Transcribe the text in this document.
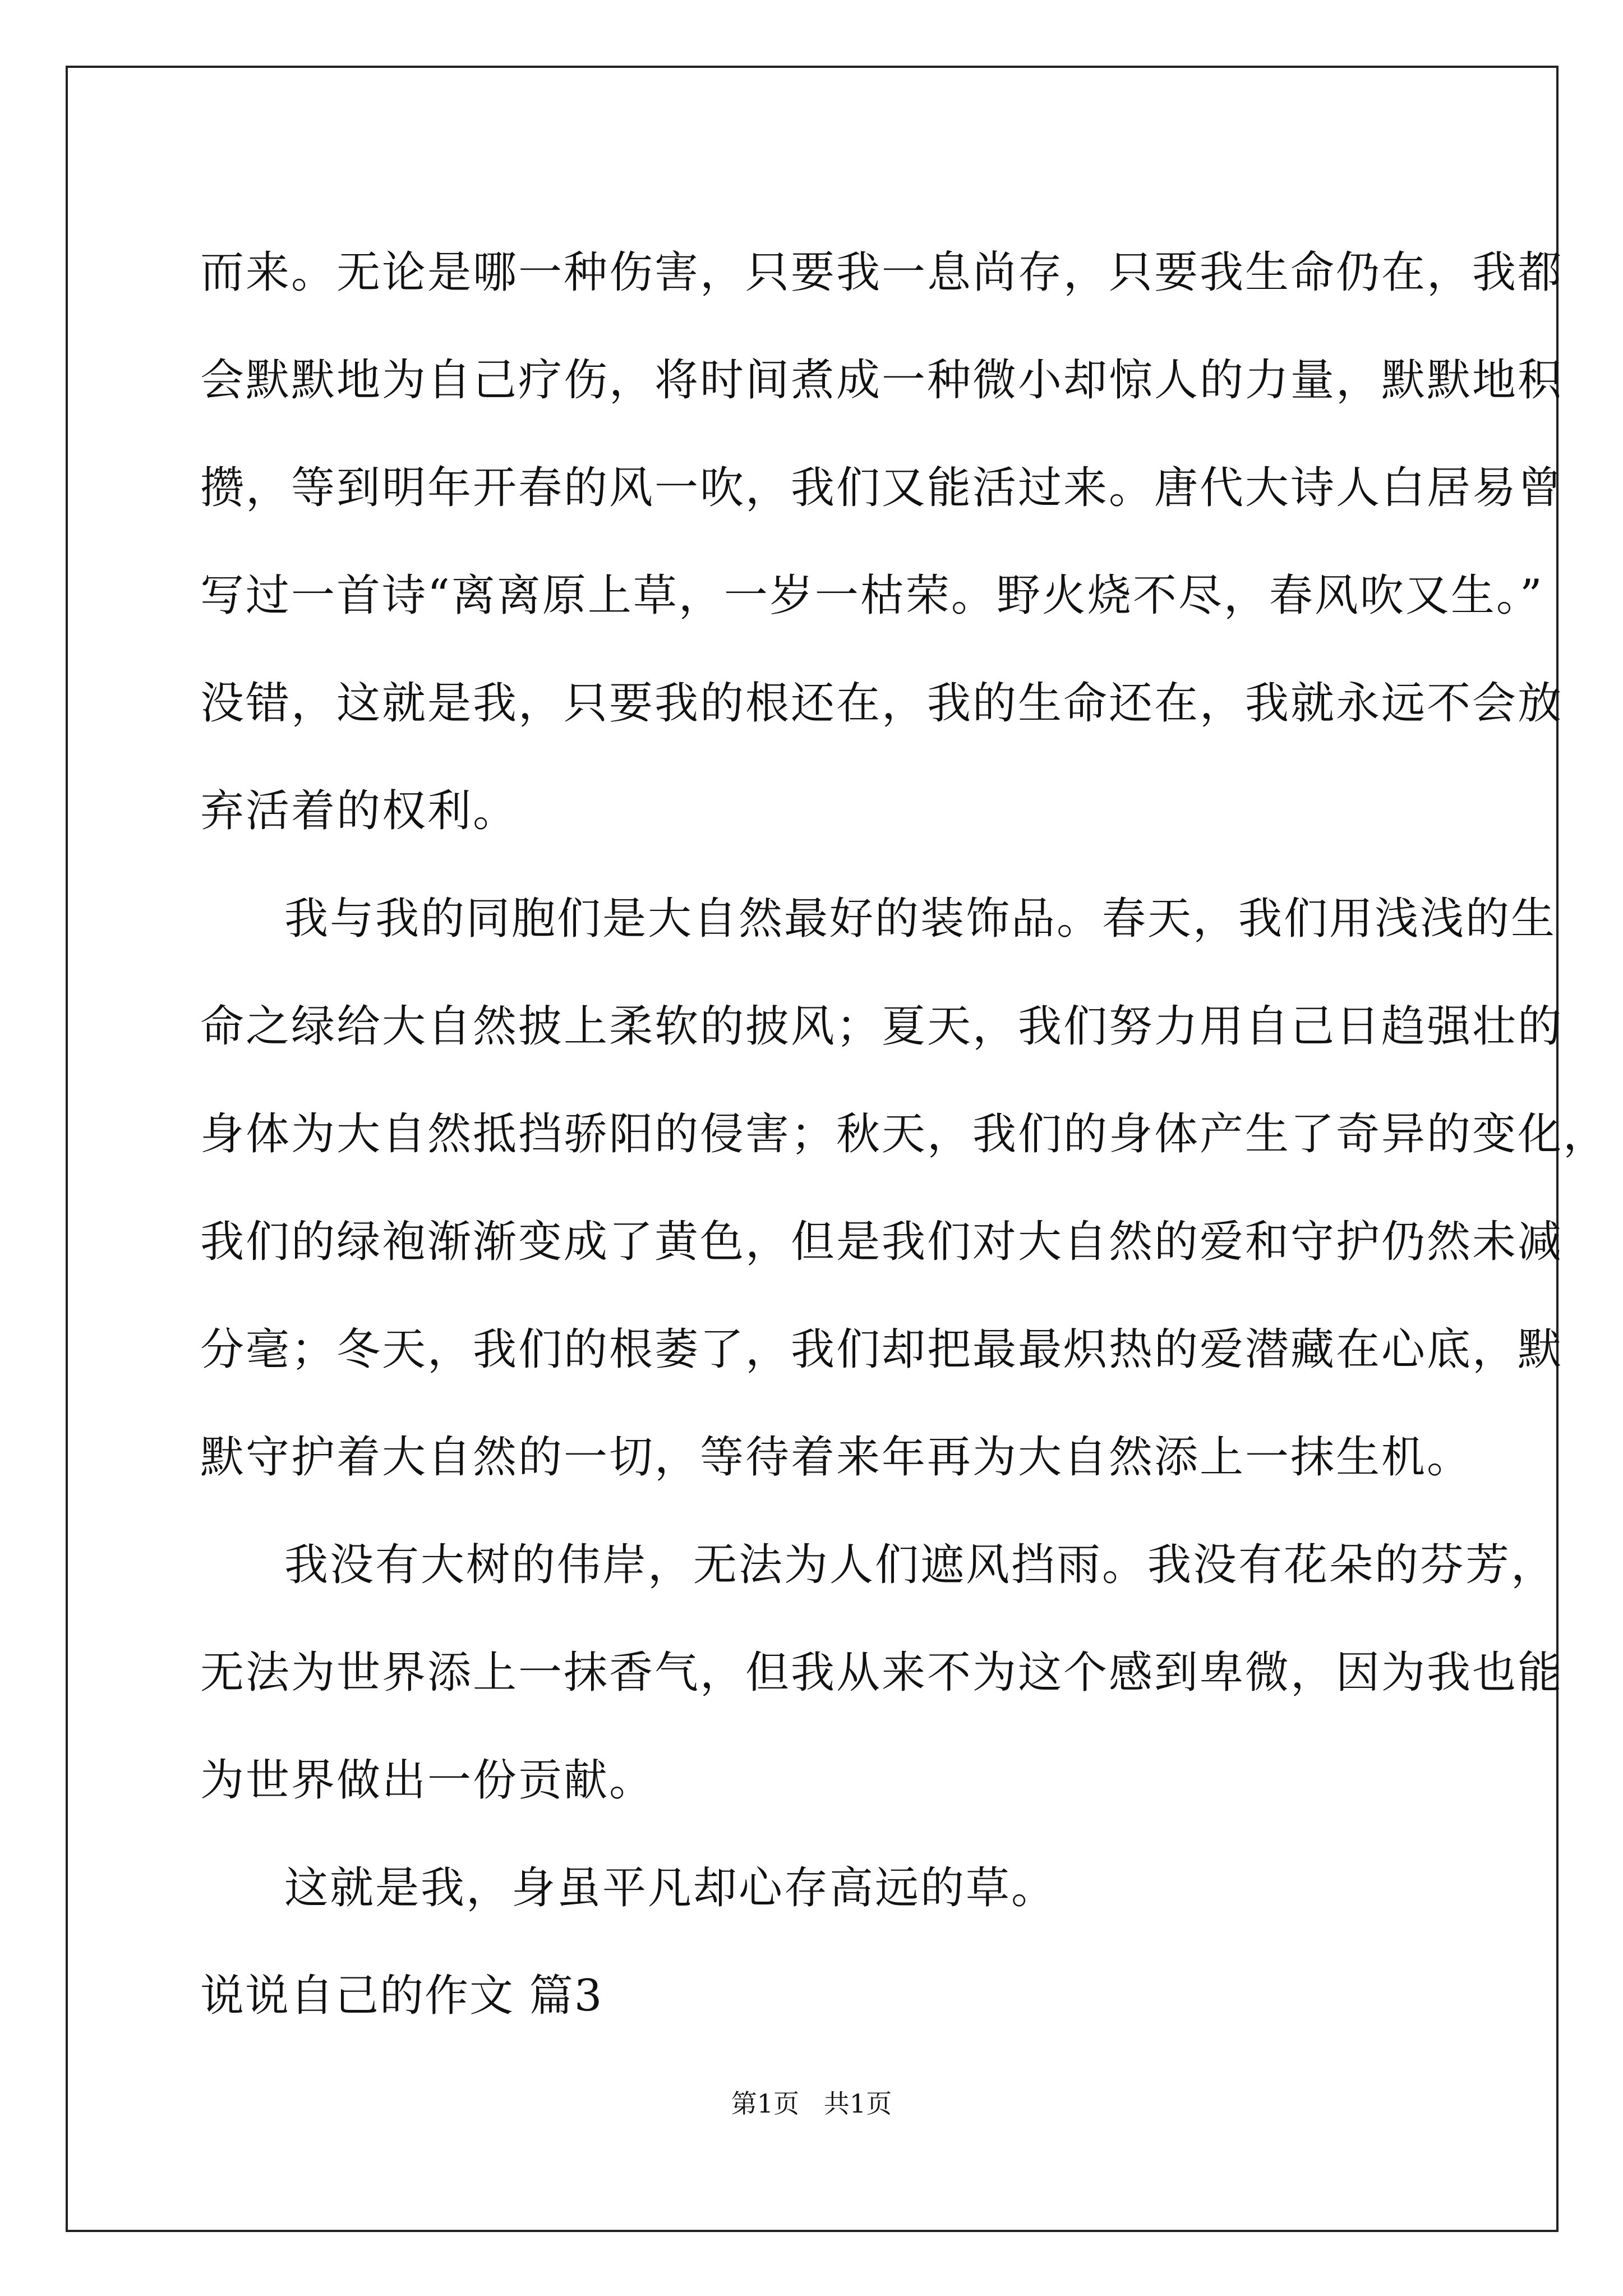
而来。无论是哪一种伤害，只要我一息尚存，只要我生命仍在，我都
会默默地为自己疗伤，将时间煮成一种微小却惊人的力量，默默地积
攒，等到明年开春的风一吹，我们又能活过来。唐代大诗人白居易曾
写过一首诗“离离原上草，一岁一枯荣。野火烧不尽，春风吹又生。”
没错，这就是我，只要我的根还在，我的生命还在，我就永远不会放
弃活着的权利。
我与我的同胞们是大自然最好的装饰品。春天，我们用浅浅的生
命之绿给大自然披上柔软的披风；夏天，我们努力用自己日趋强壮的
身体为大自然抵挡骄阳的侵害；秋天，我们的身体产生了奇异的变化，
我们的绿袍渐渐变成了黄色，但是我们对大自然的爱和守护仍然未减
分毫；冬天，我们的根萎了，我们却把最最炽热的爱潜藏在心底，默
默守护着大自然的一切，等待着来年再为大自然添上一抹生机。
我没有大树的伟岸，无法为人们遮风挡雨。我没有花朵的芬芳，
无法为世界添上一抹香气，但我从来不为这个感到卑微，因为我也能
为世界做出一份贡献。
这就是我，身虽平凡却心存高远的草。
说说自己的作文 篇3
第1页   共1页
